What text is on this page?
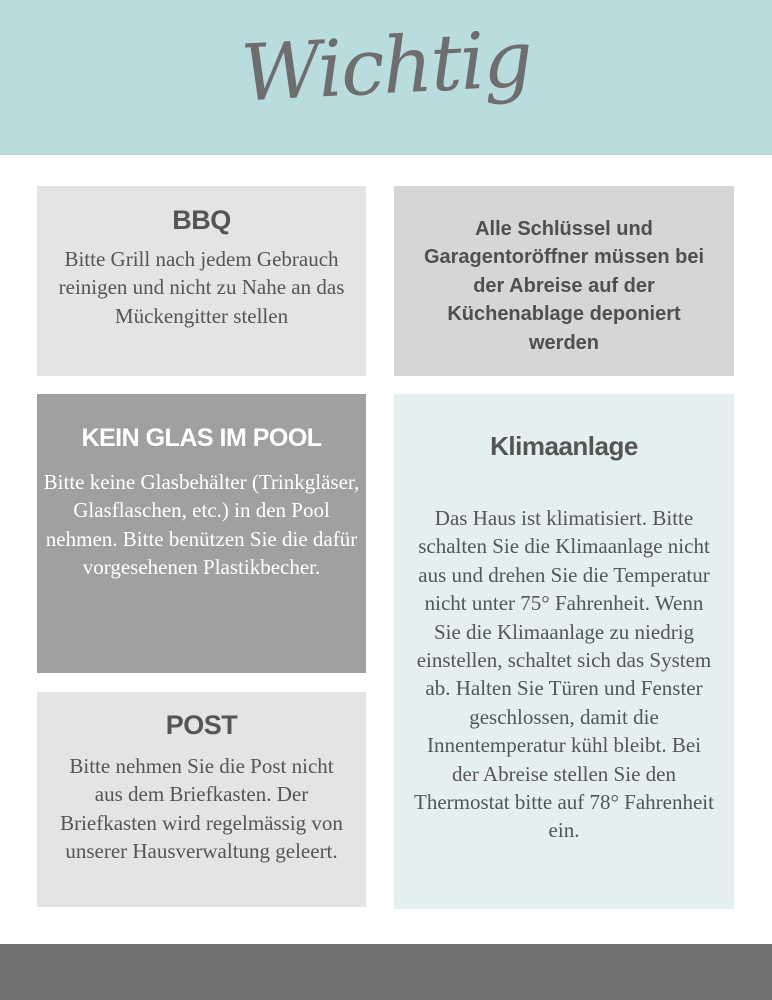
Wichtig
BBQ

Bitte Grill nach jedem Gebrauch reinigen und nicht zu Nahe an das Mückengitter stellen

Alle Schlüssel und Garagentoröffner müssen bei der Abreise auf der Küchenablage deponiert werden

KEIN GLAS IM POOL

Bitte keine Glasbehälter (Trinkgläser, Glasflaschen, etc.) in den Pool nehmen. Bitte benützen Sie die dafür vorgesehenen Plastikbecher.

Klimaanlage

Das Haus ist klimatisiert. Bitte schalten Sie die Klimaanlage nicht aus und drehen Sie die Temperatur nicht unter 75° Fahrenheit. Wenn Sie die Klimaanlage zu niedrig einstellen, schaltet sich das System ab. Halten Sie Türen und Fenster geschlossen, damit die Innentemperatur kühl bleibt. Bei der Abreise stellen Sie den Thermostat bitte auf 78° Fahrenheit ein.

POST

Bitte nehmen Sie die Post nicht aus dem Briefkasten. Der Briefkasten wird regelmässig von unserer Hausverwaltung geleert.
